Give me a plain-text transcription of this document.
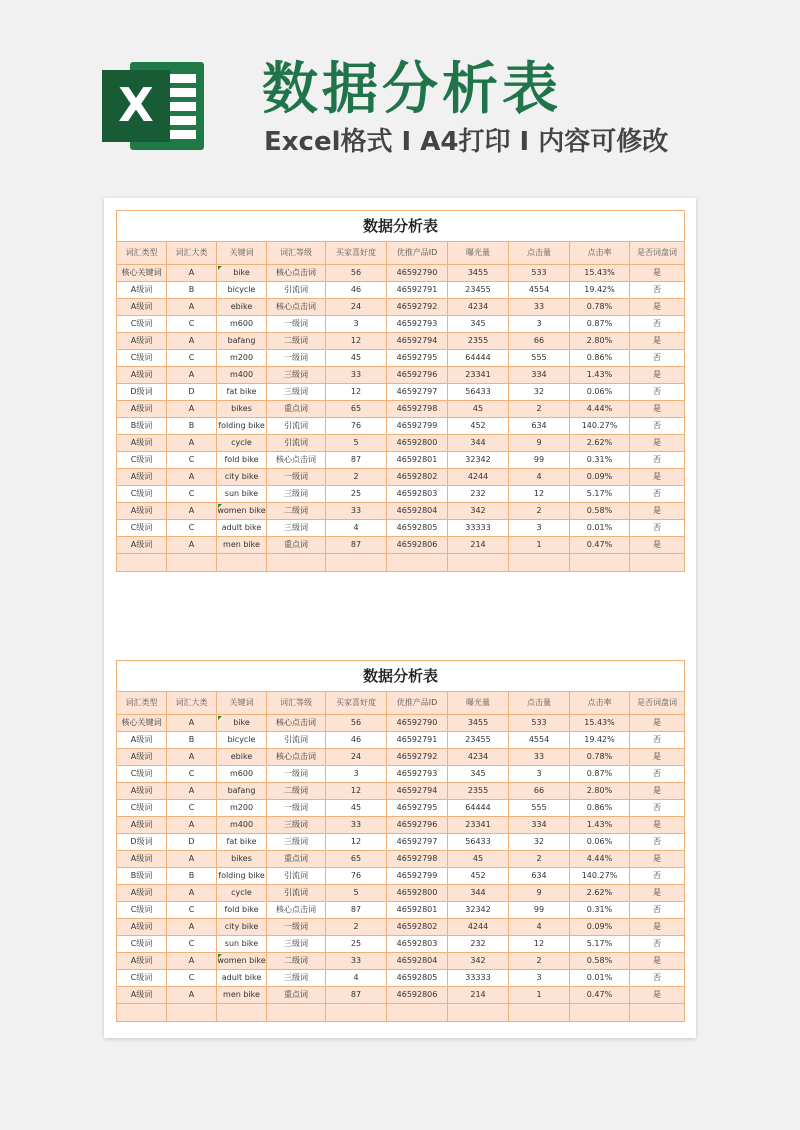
X 数据分析表
Excel格式 I A4打印 I 内容可修改
数据分析表									
词汇类型	词汇大类	关键词	词汇等级	买家喜好度	优推产品ID	曝光量	点击量	点击率	是否词盘词
核心关键词	A	bike	核心点击词	56	46592790	3455	533	15.43%	是
A级词	B	bicycle	引流词	46	46592791	23455	4554	19.42%	否
A级词	A	ebike	核心点击词	24	46592792	4234	33	0.78%	是
C级词	C	m600	一级词	3	46592793	345	3	0.87%	否
A级词	A	bafang	二级词	12	46592794	2355	66	2.80%	是
C级词	C	m200	一级词	45	46592795	64444	555	0.86%	否
A级词	A	m400	三级词	33	46592796	23341	334	1.43%	是
D级词	D	fat bike	三级词	12	46592797	56433	32	0.06%	否
A级词	A	bikes	重点词	65	46592798	45	2	4.44%	是
B级词	B	folding bike	引流词	76	46592799	452	634	140.27%	否
A级词	A	cycle	引流词	5	46592800	344	9	2.62%	是
C级词	C	fold bike	核心点击词	87	46592801	32342	99	0.31%	否
A级词	A	city bike	一级词	2	46592802	4244	4	0.09%	是
C级词	C	sun bike	三级词	25	46592803	232	12	5.17%	否
A级词	A	women bike	二级词	33	46592804	342	2	0.58%	是
C级词	C	adult bike	三级词	4	46592805	33333	3	0.01%	否
A级词	A	men bike	重点词	87	46592806	214	1	0.47%	是

数据分析表									
词汇类型	词汇大类	关键词	词汇等级	买家喜好度	优推产品ID	曝光量	点击量	点击率	是否词盘词
核心关键词	A	bike	核心点击词	56	46592790	3455	533	15.43%	是
A级词	B	bicycle	引流词	46	46592791	23455	4554	19.42%	否
A级词	A	ebike	核心点击词	24	46592792	4234	33	0.78%	是
C级词	C	m600	一级词	3	46592793	345	3	0.87%	否
A级词	A	bafang	二级词	12	46592794	2355	66	2.80%	是
C级词	C	m200	一级词	45	46592795	64444	555	0.86%	否
A级词	A	m400	三级词	33	46592796	23341	334	1.43%	是
D级词	D	fat bike	三级词	12	46592797	56433	32	0.06%	否
A级词	A	bikes	重点词	65	46592798	45	2	4.44%	是
B级词	B	folding bike	引流词	76	46592799	452	634	140.27%	否
A级词	A	cycle	引流词	5	46592800	344	9	2.62%	是
C级词	C	fold bike	核心点击词	87	46592801	32342	99	0.31%	否
A级词	A	city bike	一级词	2	46592802	4244	4	0.09%	是
C级词	C	sun bike	三级词	25	46592803	232	12	5.17%	否
A级词	A	women bike	二级词	33	46592804	342	2	0.58%	是
C级词	C	adult bike	三级词	4	46592805	33333	3	0.01%	否
A级词	A	men bike	重点词	87	46592806	214	1	0.47%	是
